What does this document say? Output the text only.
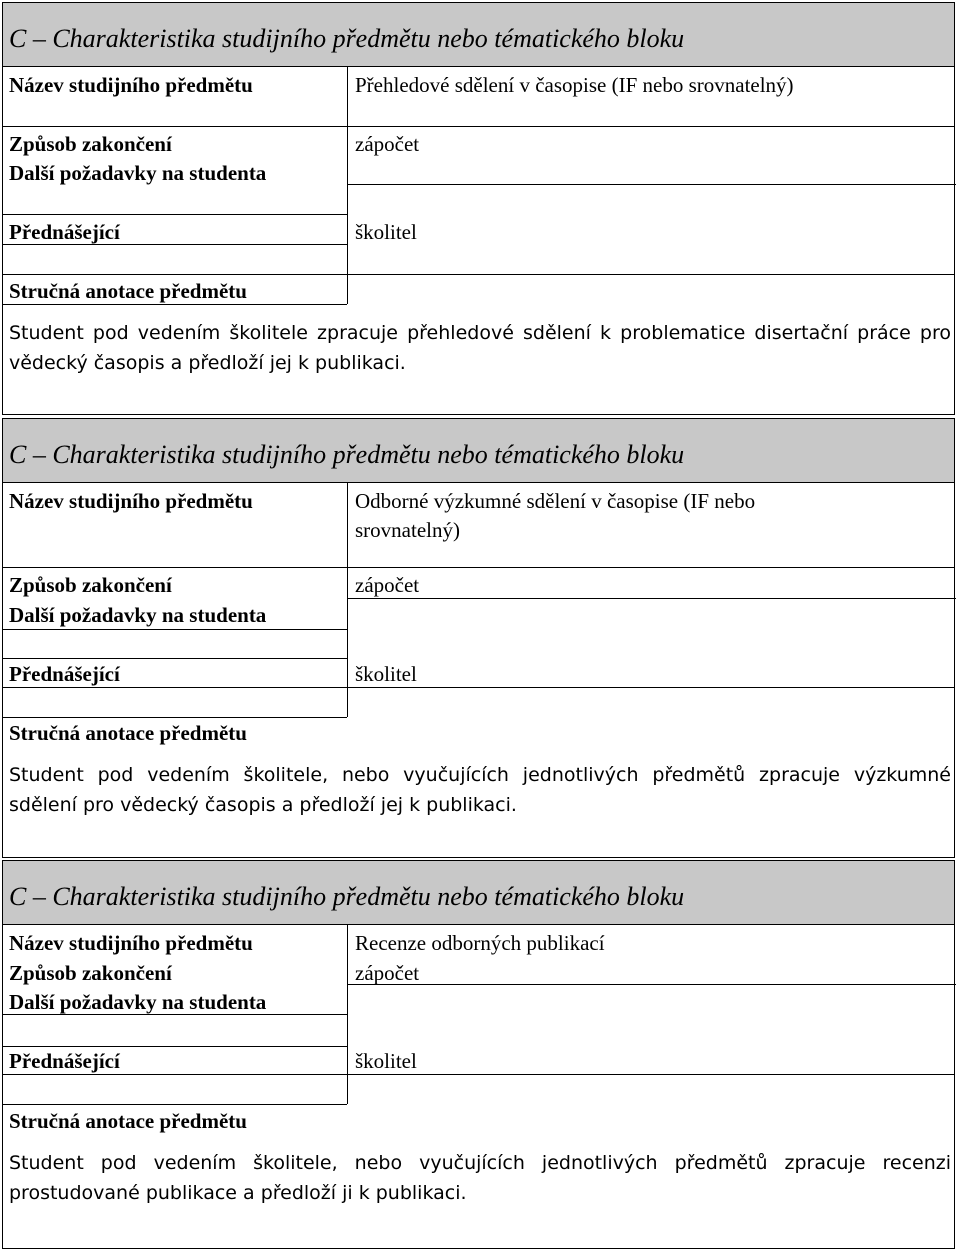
C – Charakteristika studijního předmětu nebo tématického bloku
Název studijního předmětu	Přehledové sdělení v časopise (IF nebo srovnatelný)
Způsob zakončení	zápočet
Další požadavky na studenta
Přednášející	školitel
Stručná anotace předmětu
Student pod vedením školitele zpracuje přehledové sdělení k problematice disertační práce pro vědecký časopis a předloží jej k publikaci.
C – Charakteristika studijního předmětu nebo tématického bloku
Název studijního předmětu	Odborné výzkumné sdělení v časopise (IF nebo
srovnatelný)
Způsob zakončení	zápočet
Další požadavky na studenta
Přednášející	školitel
Stručná anotace předmětu
Student pod vedením školitele, nebo vyučujících jednotlivých předmětů zpracuje výzkumné sdělení pro vědecký časopis a předloží jej k publikaci.
C – Charakteristika studijního předmětu nebo tématického bloku
Název studijního předmětu	Recenze odborných publikací
Způsob zakončení	zápočet
Další požadavky na studenta
Přednášející	školitel
Stručná anotace předmětu
Student pod vedením školitele, nebo vyučujících jednotlivých předmětů zpracuje recenzi prostudované publikace a předloží ji k publikaci.
